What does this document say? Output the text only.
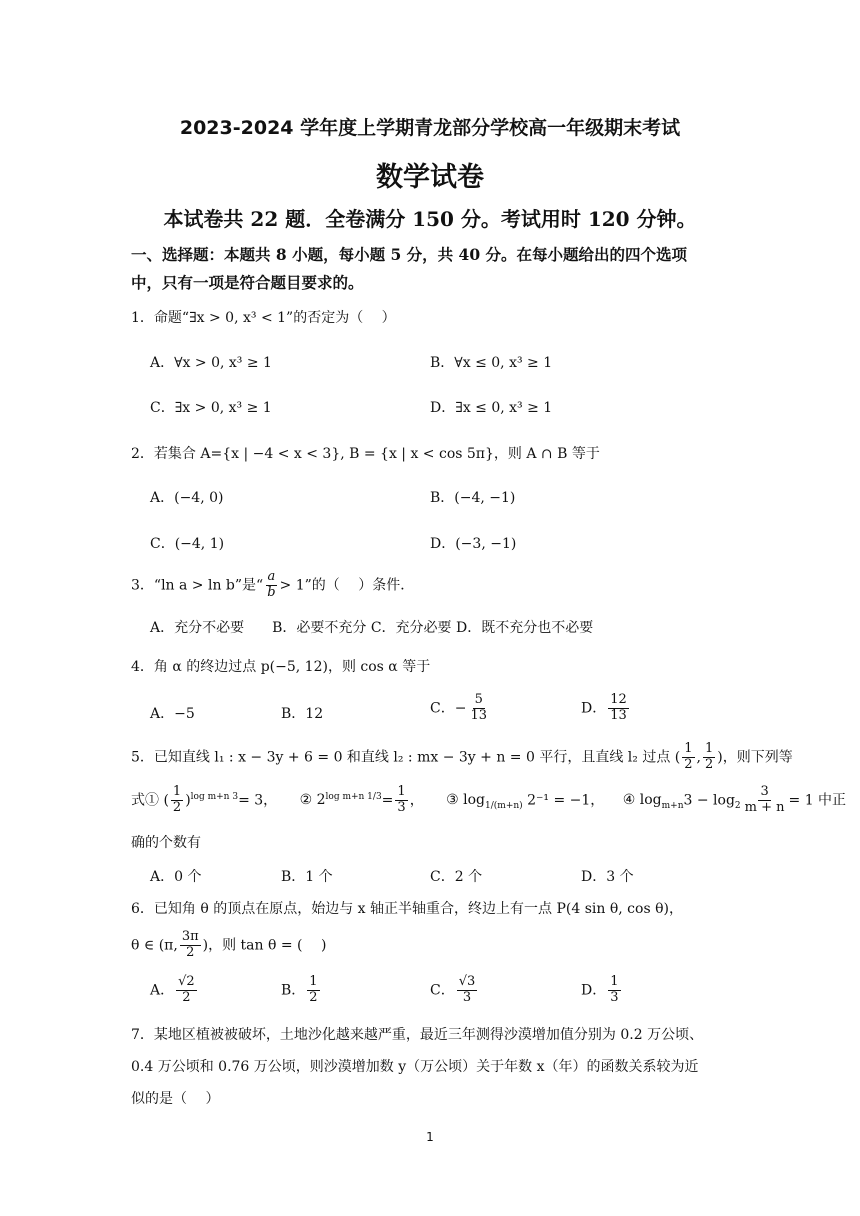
2023-2024 学年度上学期青龙部分学校高一年级期末考试
数学试卷
本试卷共 22 题．全卷满分 150 分。考试用时 120 分钟。
一、选择题：本题共 8 小题，每小题 5 分，共 40 分。在每小题给出的四个选项
中，只有一项是符合题目要求的。
1．命题“∃x > 0, x³ < 1”的否定为（　 ）
A．∀x > 0, x³ ≥ 1	B．∀x ≤ 0, x³ ≥ 1
C．∃x > 0, x³ ≥ 1	D．∃x ≤ 0, x³ ≥ 1
2．若集合 A={x | −4 < x < 3}, B = {x | x < cos 5π}，则 A ∩ B 等于
A．(−4, 0)	B．(−4, −1)
C．(−4, 1)	D．(−3, −1)
3．“ln a > ln b”是“ $\frac{a}{b} > 1$”的（　 ）条件．
A．充分不必要　　B．必要不充分 C．充分必要 D．既不充分也不必要
4．角 α 的终边过点 p(−5, 12)，则 cos α 等于
A．−5	B．12	C．− $\frac{5}{13}$	D． $\frac{12}{13}$
5．已知直线 l₁ : x − 3y + 6 = 0 和直线 l₂ : mx − 3y + n = 0 平行，且直线 l₂ 过点 ( $\frac{1}{2}$ , $\frac{1}{2}$ )，则下列等
式① ( $\frac{1}{2} )^{log m+n 3}= 3$， ② $2^{log m+n 1/3}= \frac{1}{3}$ ， ③ $\log_{1/(m+n)} 2^{-1} = -1$， ④ $\log_{m+n}3 - \log_2 \frac{3}{m + n} = 1$ 中正
确的个数有
A．0 个	B．1 个	C．2 个	D．3 个
6．已知角 θ 的顶点在原点，始边与 x 轴正半轴重合，终边上有一点 P(4 sin θ, cos θ)，
θ ∈ (π, $\frac{3\pi}{2}$ )，则 tan θ = (　 )
A． $\frac{√2}{2}$	B． $\frac{1}{2}$	C． $\frac{√3}{3}$	D． $\frac{1}{3}$
7．某地区植被被破坏，土地沙化越来越严重，最近三年测得沙漠增加值分别为 0.2 万公顷、
0.4 万公顷和 0.76 万公顷，则沙漠增加数 y（万公顷）关于年数 x（年）的函数关系较为近
似的是（　 ）
1
